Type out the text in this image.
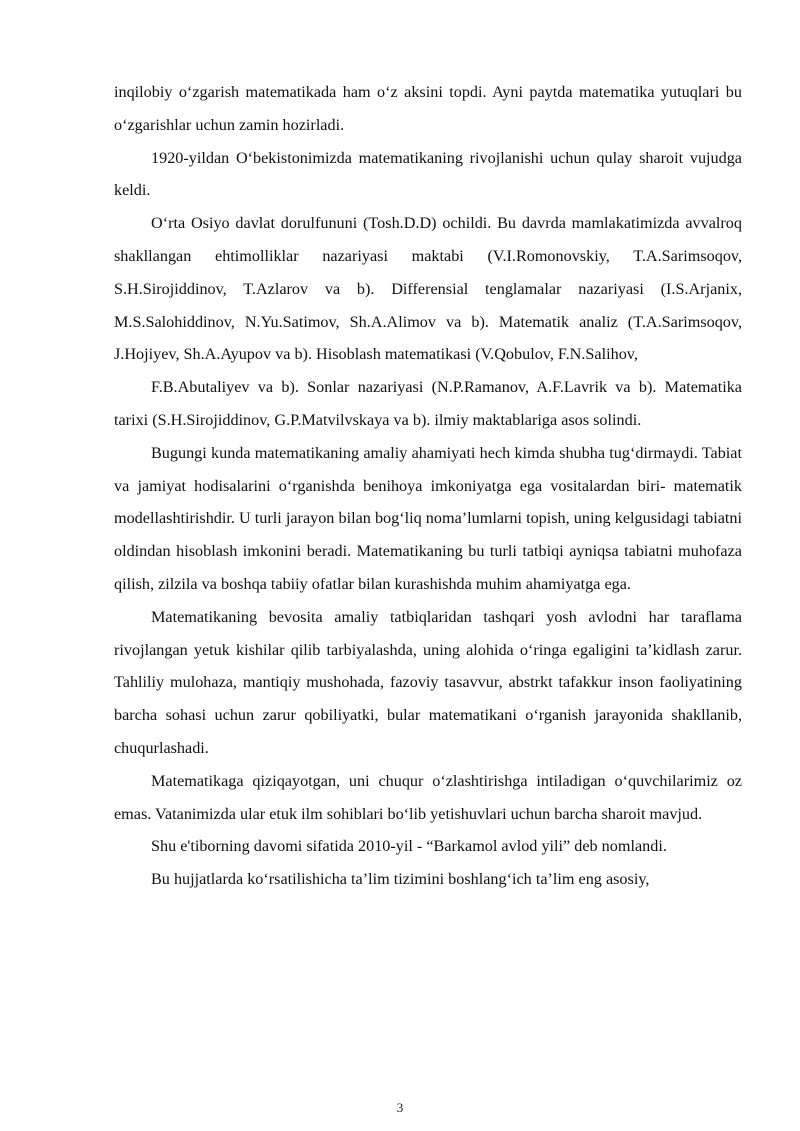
inqilobiy o‘zgarish matematikada ham o‘z aksini topdi. Ayni paytda matematika yutuqlari bu o‘zgarishlar uchun zamin hozirladi.

1920-yildan O‘bekistonimizda matematikaning rivojlanishi uchun qulay sharoit vujudga keldi.

O‘rta Osiyo davlat dorulfununi (Tosh.D.D) ochildi. Bu davrda mamlakatimizda avvalroq shakllangan ehtimolliklar nazariyasi maktabi (V.I.Romonovskiy, T.A.Sarimsoqov, S.H.Sirojiddinov, T.Azlarov va b). Differensial tenglamalar nazariyasi (I.S.Arjanix, M.S.Salohiddinov, N.Yu.Satimov, Sh.A.Alimov va b). Matematik analiz (T.A.Sarimsoqov, J.Hojiyev, Sh.A.Ayupov va b). Hisoblash matematikasi (V.Qobulov, F.N.Salihov,

F.B.Abutaliyev va b). Sonlar nazariyasi (N.P.Ramanov, A.F.Lavrik va b). Matematika tarixi (S.H.Sirojiddinov, G.P.Matvilvskaya va b). ilmiy maktablariga asos solindi.

Bugungi kunda matematikaning amaliy ahamiyati hech kimda shubha tug‘dirmaydi. Tabiat va jamiyat hodisalarini o‘rganishda benihoya imkoniyatga ega vositalardan biri- matematik modellashtirishdir. U turli jarayon bilan bog‘liq noma’lumlarni topish, uning kelgusidagi tabiatni oldindan hisoblash imkonini beradi. Matematikaning bu turli tatbiqi ayniqsa tabiatni muhofaza qilish, zilzila va boshqa tabiiy ofatlar bilan kurashishda muhim ahamiyatga ega.

Matematikaning bevosita amaliy tatbiqlaridan tashqari yosh avlodni har taraflama rivojlangan yetuk kishilar qilib tarbiyalashda, uning alohida o‘ringa egaligini ta’kidlash zarur. Tahliliy mulohaza, mantiqiy mushohada, fazoviy tasavvur, abstrkt tafakkur inson faoliyatining barcha sohasi uchun zarur qobiliyatki, bular matematikani o‘rganish jarayonida shakllanib, chuqurlashadi.

Matematikaga qiziqayotgan, uni chuqur o‘zlashtirishga intiladigan o‘quvchilarimiz oz emas. Vatanimizda ular etuk ilm sohiblari bo‘lib yetishuvlari uchun barcha sharoit mavjud.

Shu e'tiborning davomi sifatida 2010-yil - “Barkamol avlod yili” deb nomlandi.

Bu hujjatlarda ko‘rsatilishicha ta’lim tizimini boshlang‘ich ta’lim eng asosiy,

3
